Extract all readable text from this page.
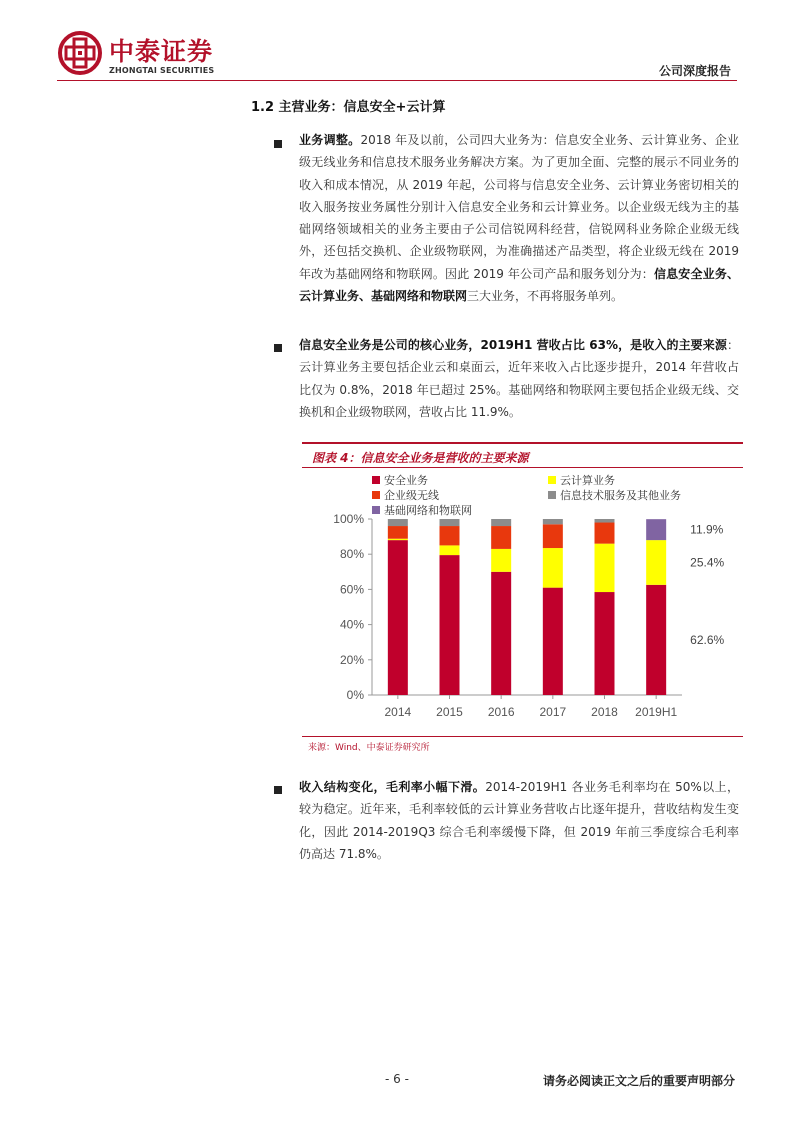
中泰证券
ZHONGTAI SECURITIES	公司深度报告
1.2 主营业务：信息安全+云计算
业务调整。2018 年及以前，公司四大业务为：信息安全业务、云计算业务、企业级无线业务和信息技术服务业务解决方案。为了更加全面、完整的展示不同业务的收入和成本情况，从 2019 年起，公司将与信息安全业务、云计算业务密切相关的收入服务按业务属性分别计入信息安全业务和云计算业务。以企业级无线为主的基础网络领域相关的业务主要由子公司信锐网科经营，信锐网科业务除企业级无线外，还包括交换机、企业级物联网，为准确描述产品类型，将企业级无线在 2019 年改为基础网络和物联网。因此 2019 年公司产品和服务划分为：信息安全业务、云计算业务、基础网络和物联网三大业务，不再将服务单列。
信息安全业务是公司的核心业务，2019H1 营收占比 63%，是收入的主要来源：云计算业务主要包括企业云和桌面云，近年来收入占比逐步提升，2014 年营收占比仅为 0.8%，2018 年已超过 25%。基础网络和物联网主要包括企业级无线、交换机和企业级物联网，营收占比 11.9%。
图表 4：信息安全业务是营收的主要来源
安全业务	云计算业务
企业级无线	信息技术服务及其他业务
基础网络和物联网
0%
20%
40%
60%
80%
100%
2014 2015 2016 2017 2018 2019H1
11.9%
25.4%
62.6%
来源：Wind、中泰证券研究所
收入结构变化，毛利率小幅下滑。2014-2019H1 各业务毛利率均在 50%以上，较为稳定。近年来，毛利率较低的云计算业务营收占比逐年提升，营收结构发生变化，因此 2014-2019Q3 综合毛利率缓慢下降，但 2019 年前三季度综合毛利率仍高达 71.8%。
- 6 -	请务必阅读正文之后的重要声明部分
